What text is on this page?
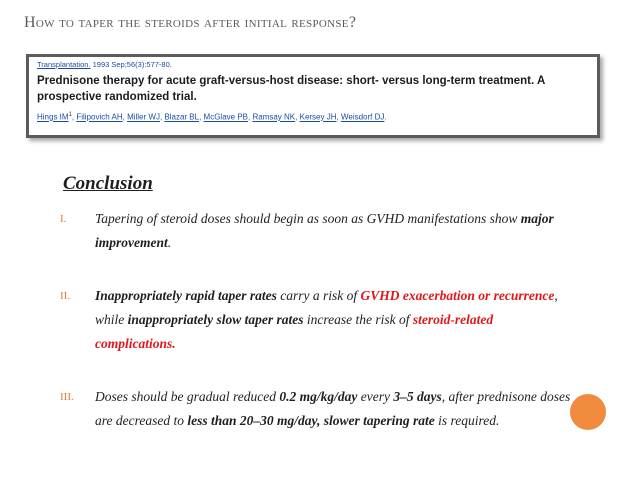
How to taper the steroids after initial response?
Transplantation. 1993 Sep;56(3):577-80.
Prednisone therapy for acute graft-versus-host disease: short- versus long-term treatment. A prospective randomized trial.
Hings $IM^1$, Filipovich AH, Miller WJ, Blazar BL, McGlave PB, Ramsay NK, Kersey JH, Weisdorf DJ.
Conclusion
I.	Tapering of steroid doses should begin as soon as GVHD manifestations show major improvement.
II.	Inappropriately rapid taper rates carry a risk of GVHD exacerbation or recurrence, while inappropriately slow taper rates increase the risk of steroid-related complications.
III.	Doses should be gradual reduced 0.2 mg/kg/day every 3–5 days, after prednisone doses are decreased to less than 20–30 mg/day, slower tapering rate is required.
